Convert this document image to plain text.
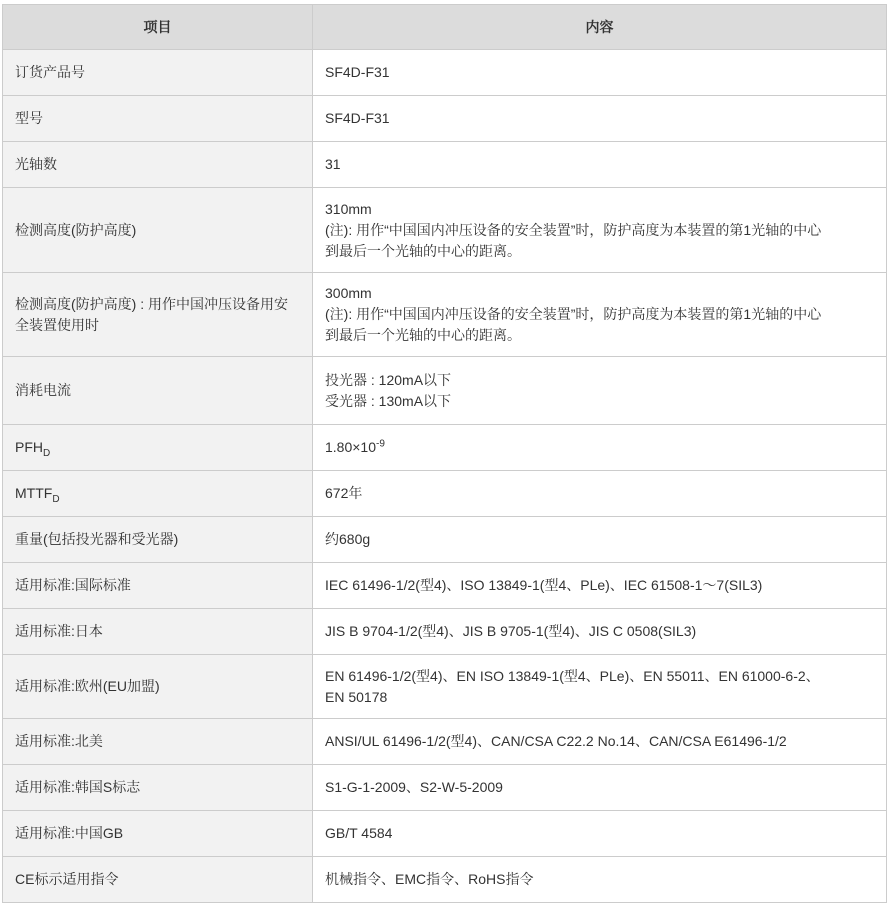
项目	内容
订货产品号	SF4D-F31

型号	SF4D-F31

光轴数	31

检测高度(防护高度)	310mm
(注): 用作“中国国内冲压设备的安全装置”时，防护高度为本装置的第1光轴的中心
到最后一个光轴的中心的距离。

检测高度(防护高度) : 用作中国冲压设备用安全装置使用时	300mm
(注): 用作“中国国内冲压设备的安全装置”时，防护高度为本装置的第1光轴的中心
到最后一个光轴的中心的距离。

消耗电流	投光器 : 120mA以下
受光器 : 130mA以下

$PFH_D$	$1.80\times 10^{-9}$
$MTTF_D$	672年

重量(包括投光器和受光器)	约680g

适用标准:国际标准	IEC 61496-1/2(型4)、ISO 13849-1(型4、PLe)、IEC 61508-1～7(SIL3)

适用标准:日本	JIS B 9704-1/2(型4)、JIS B 9705-1(型4)、JIS C 0508(SIL3)

适用标准:欧州(EU加盟)	EN 61496-1/2(型4)、EN ISO 13849-1(型4、PLe)、EN 55011、EN 61000-6-2、
EN 50178

适用标准:北美	ANSI/UL 61496-1/2(型4)、CAN/CSA C22.2 No.14、CAN/CSA E61496-1/2

适用标准:韩国S标志	S1-G-1-2009、S2-W-5-2009

适用标准:中国GB	GB/T 4584

CE标示适用指令	机械指令、EMC指令、RoHS指令
